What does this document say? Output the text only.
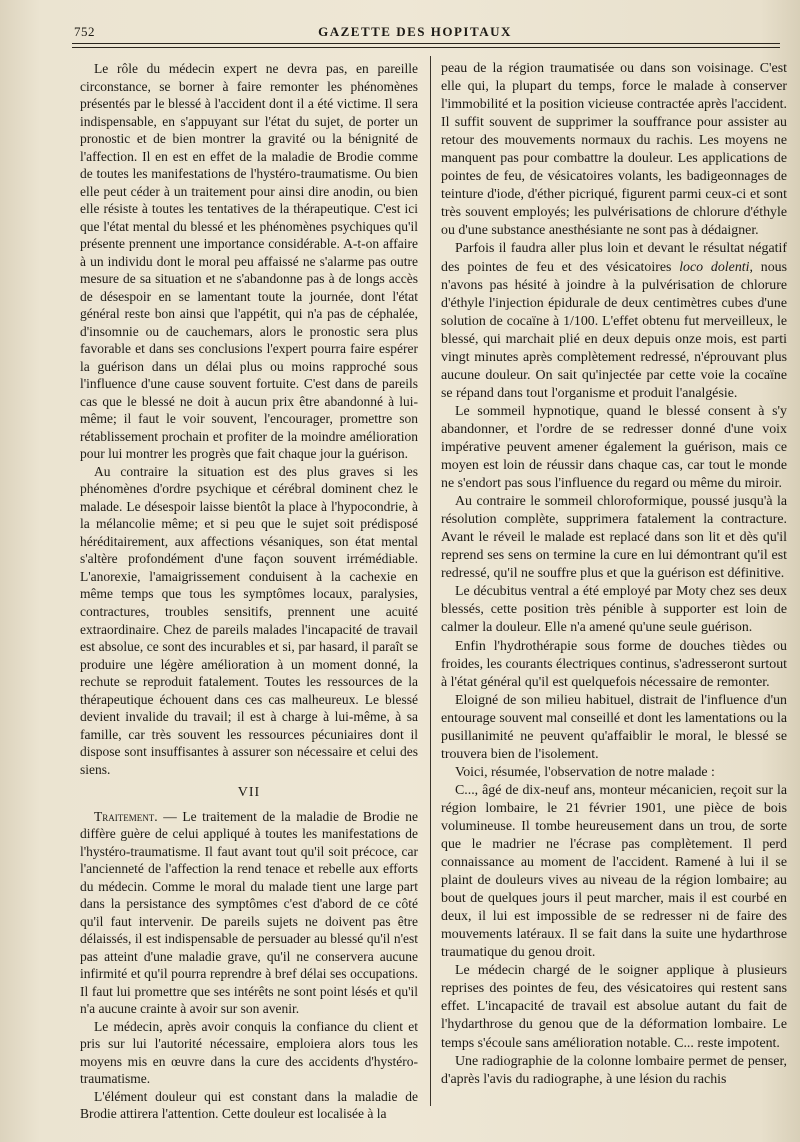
752	GAZETTE DES HOPITAUX

Le rôle du médecin expert ne devra pas, en pareille circonstance, se borner à faire remonter les phénomènes présentés par le blessé à l'accident dont il a été victime. Il sera indispensable, en s'appuyant sur l'état du sujet, de porter un pronostic et de bien montrer la gravité ou la bénignité de l'affection. Il en est en effet de la maladie de Brodie comme de toutes les manifestations de l'hystéro-traumatisme. Ou bien elle peut céder à un traitement pour ainsi dire anodin, ou bien elle résiste à toutes les tentatives de la thérapeutique. C'est ici que l'état mental du blessé et les phénomènes psychiques qu'il présente prennent une importance considérable. A-t-on affaire à un individu dont le moral peu affaissé ne s'alarme pas outre mesure de sa situation et ne s'abandonne pas à de longs accès de désespoir en se lamentant toute la journée, dont l'état général reste bon ainsi que l'appétit, qui n'a pas de céphalée, d'insomnie ou de cauchemars, alors le pronostic sera plus favorable et dans ses conclusions l'expert pourra faire espérer la guérison dans un délai plus ou moins rapproché sous l'influence d'une cause souvent fortuite. C'est dans de pareils cas que le blessé ne doit à aucun prix être abandonné à lui-même; il faut le voir souvent, l'encourager, promettre son rétablissement prochain et profiter de la moindre amélioration pour lui montrer les progrès que fait chaque jour la guérison.

Au contraire la situation est des plus graves si les phénomènes d'ordre psychique et cérébral dominent chez le malade. Le désespoir laisse bientôt la place à l'hypocondrie, à la mélancolie même; et si peu que le sujet soit prédisposé héréditairement, aux affections vésaniques, son état mental s'altère profondément d'une façon souvent irrémédiable. L'anorexie, l'amaigrissement conduisent à la cachexie en même temps que tous les symptômes locaux, paralysies, contractures, troubles sensitifs, prennent une acuité extraordinaire. Chez de pareils malades l'incapacité de travail est absolue, ce sont des incurables et si, par hasard, il paraît se produire une légère amélioration à un moment donné, la rechute se reproduit fatalement. Toutes les ressources de la thérapeutique échouent dans ces cas malheureux. Le blessé devient invalide du travail; il est à charge à lui-même, à sa famille, car très souvent les ressources pécuniaires dont il dispose sont insuffisantes à assurer son nécessaire et celui des siens.

VII

Traitement. — Le traitement de la maladie de Brodie ne diffère guère de celui appliqué à toutes les manifestations de l'hystéro-traumatisme. Il faut avant tout qu'il soit précoce, car l'ancienneté de l'affection la rend tenace et rebelle aux efforts du médecin. Comme le moral du malade tient une large part dans la persistance des symptômes c'est d'abord de ce côté qu'il faut intervenir. De pareils sujets ne doivent pas être délaissés, il est indispensable de persuader au blessé qu'il n'est pas atteint d'une maladie grave, qu'il ne conservera aucune infirmité et qu'il pourra reprendre à bref délai ses occupations. Il faut lui promettre que ses intérêts ne sont point lésés et qu'il n'a aucune crainte à avoir sur son avenir.

Le médecin, après avoir conquis la confiance du client et pris sur lui l'autorité nécessaire, emploiera alors tous les moyens mis en œuvre dans la cure des accidents d'hystéro-traumatisme.

L'élément douleur qui est constant dans la maladie de Brodie attirera l'attention. Cette douleur est localisée à la

peau de la région traumatisée ou dans son voisinage. C'est elle qui, la plupart du temps, force le malade à conserver l'immobilité et la position vicieuse contractée après l'accident. Il suffit souvent de supprimer la souffrance pour assister au retour des mouvements normaux du rachis. Les moyens ne manquent pas pour combattre la douleur. Les applications de pointes de feu, de vésicatoires volants, les badigeonnages de teinture d'iode, d'éther picriqué, figurent parmi ceux-ci et sont très souvent employés; les pulvérisations de chlorure d'éthyle ou d'une substance anesthésiante ne sont pas à dédaigner.

Parfois il faudra aller plus loin et devant le résultat négatif des pointes de feu et des vésicatoires loco dolenti, nous n'avons pas hésité à joindre à la pulvérisation de chlorure d'éthyle l'injection épidurale de deux centimètres cubes d'une solution de cocaïne à 1/100. L'effet obtenu fut merveilleux, le blessé, qui marchait plié en deux depuis onze mois, est parti vingt minutes après complètement redressé, n'éprouvant plus aucune douleur. On sait qu'injectée par cette voie la cocaïne se répand dans tout l'organisme et produit l'analgésie.

Le sommeil hypnotique, quand le blessé consent à s'y abandonner, et l'ordre de se redresser donné d'une voix impérative peuvent amener également la guérison, mais ce moyen est loin de réussir dans chaque cas, car tout le monde ne s'endort pas sous l'influence du regard ou même du miroir.

Au contraire le sommeil chloroformique, poussé jusqu'à la résolution complète, supprimera fatalement la contracture. Avant le réveil le malade est replacé dans son lit et dès qu'il reprend ses sens on termine la cure en lui démontrant qu'il est redressé, qu'il ne souffre plus et que la guérison est définitive.

Le décubitus ventral a été employé par Moty chez ses deux blessés, cette position très pénible à supporter est loin de calmer la douleur. Elle n'a amené qu'une seule guérison.

Enfin l'hydrothérapie sous forme de douches tièdes ou froides, les courants électriques continus, s'adresseront surtout à l'état général qu'il est quelquefois nécessaire de remonter.

Eloigné de son milieu habituel, distrait de l'influence d'un entourage souvent mal conseillé et dont les lamentations ou la pusillanimité ne peuvent qu'affaiblir le moral, le blessé se trouvera bien de l'isolement.

Voici, résumée, l'observation de notre malade :

C..., âgé de dix-neuf ans, monteur mécanicien, reçoit sur la région lombaire, le 21 février 1901, une pièce de bois volumineuse. Il tombe heureusement dans un trou, de sorte que le madrier ne l'écrase pas complètement. Il perd connaissance au moment de l'accident. Ramené à lui il se plaint de douleurs vives au niveau de la région lombaire; au bout de quelques jours il peut marcher, mais il est courbé en deux, il lui est impossible de se redresser ni de faire des mouvements latéraux. Il se fait dans la suite une hydarthrose traumatique du genou droit.

Le médecin chargé de le soigner applique à plusieurs reprises des pointes de feu, des vésicatoires qui restent sans effet. L'incapacité de travail est absolue autant du fait de l'hydarthrose du genou que de la déformation lombaire. Le temps s'écoule sans amélioration notable. C... reste impotent.

Une radiographie de la colonne lombaire permet de penser, d'après l'avis du radiographe, à une lésion du rachis
